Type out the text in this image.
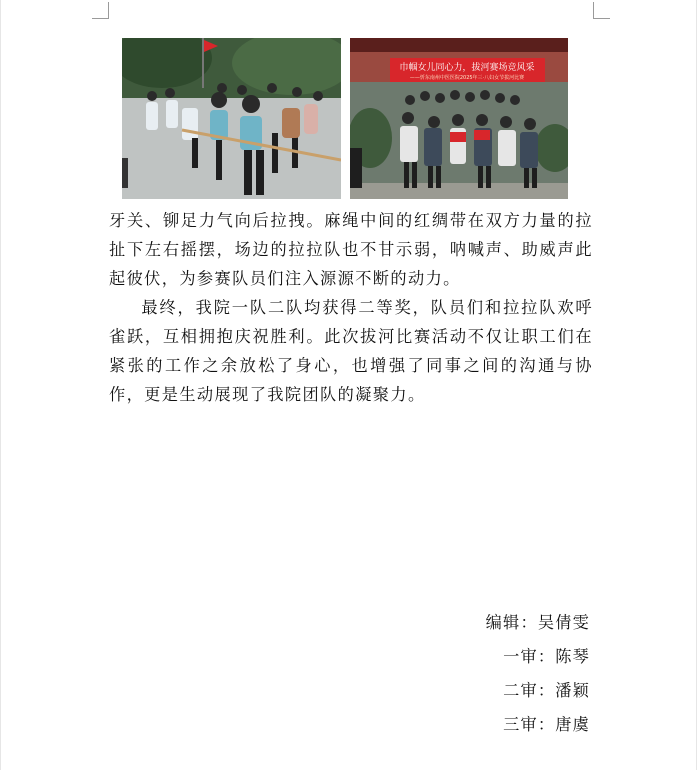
巾帼女儿同心力，拔河赛场竞风采
——忻东南州中医医院2025年三·八妇女节拔河比赛

牙关、铆足力气向后拉拽。麻绳中间的红绸带在双方力量的拉扯下左右摇摆，场边的拉拉队也不甘示弱，呐喊声、助威声此起彼伏，为参赛队员们注入源源不断的动力。

最终，我院一队二队均获得二等奖，队员们和拉拉队欢呼雀跃，互相拥抱庆祝胜利。此次拔河比赛活动不仅让职工们在紧张的工作之余放松了身心，也增强了同事之间的沟通与协作，更是生动展现了我院团队的凝聚力。

编辑：吴倩雯
一审：陈琴
二审：潘颖
三审：唐虞
